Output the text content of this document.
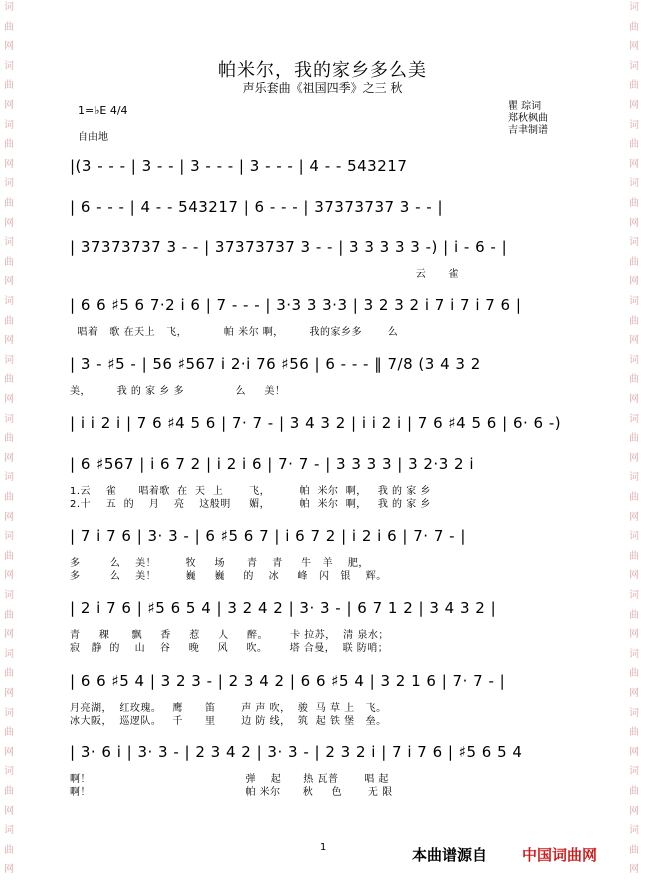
词
曲
网
词
曲
网
词
曲
网
词
曲
网
词
曲
网
词
曲
网
词
曲
网
词
曲
网
词
曲
网
词
曲
网
词
曲
网
词
曲
网
词
曲
网
词
曲
网
词
曲
网
词
曲
网
词
曲
网
词
曲
网
词
曲
网
词
曲
网
词
曲
网
词
曲
网
词
曲
网
词
曲
网
词
曲
网
词
曲
网
词
曲
网
词
曲
网
词
曲
网
词
曲
网
帕米尔，我的家乡多么美
声乐套曲《祖国四季》之三 秋
1=♭E 4/4
自由地
瞿 琮词
郑秋枫曲
吉聿制谱
|(3 - - - | 3 - - | 3 - - - | 3 - - - | 4 - - 543217
| 6 - - - | 4 - - 543217 | 6 - - - | 37373737 3 - - |
| 37373737 3 - - | 37373737 3 - - | 3 3 3 3 3 -) | i - 6 - |
云      雀
| 6 6 ♯5 6 7·2 i 6 | 7 - - - | 3·3 3 3·3 | 3 2 3 2 i 7 i 7 i 7 6 |
唱着   歌 在天上   飞，          帕 米尔 啊，       我的家乡多       么
| 3 - ♯5 - | 56 ♯567 i 2·i 76 ♯56 | 6 - - - ‖ 7/8 (3 4 3 2
美，       我 的 家 乡 多              么     美！
| i i 2 i | 7 6 ♯4 5 6 | 7· 7 - | 3 4 3 2 | i i 2 i | 7 6 ♯4 5 6 | 6· 6 -)
| 6 ♯567 | i 6 7 2 | i 2 i 6 | 7· 7 - | 3 3 3 3 | 3 2·3 2 i
1.云    雀      唱着歌  在  天  上       飞，        帕  米尔  啊，   我 的 家 乡
2.十    五  的    月    亮    这般明     媚，        帕  米尔  啊，   我 的 家 乡
| 7 i 7 6 | 3· 3 - | 6 ♯5 6 7 | i 6 7 2 | i 2 i 6 | 7· 7 - |
多        么    美！        牧     场      青    青     牛   羊    肥，
多        么    美！        巍     巍     的    冰     峰   闪   银    辉。
| 2 i 7 6 | ♯5 6 5 4 | 3 2 4 2 | 3· 3 - | 6 7 1 2 | 3 4 3 2 |
青     稞      飘     香     惹     人     醉。      卡 拉苏，  清 泉水；
寂   静  的    山    谷     晚     风     吹。      塔 合曼，  联 防哨；
| 6 6 ♯5 4 | 3 2 3 - | 2 3 4 2 | 6 6 ♯5 4 | 3 2 1 6 | 7· 7 - |
月亮湖，  红玫瑰。   鹰      笛       声 声 吹，  骏  马 草 上   飞。
冰大阪，  巡逻队。   千      里       边 防 线，  筑  起 铁 堡   垒。
| 3· 6 i | 3· 3 - | 2 3 4 2 | 3· 3 - | 2 3 2 i | 7 i 7 6 | ♯5 6 5 4
啊！                                          弹    起      热 瓦普       唱 起
啊！                                          帕 米尔      秋     色       无 限
1	本曲谱源自 中国词曲网
